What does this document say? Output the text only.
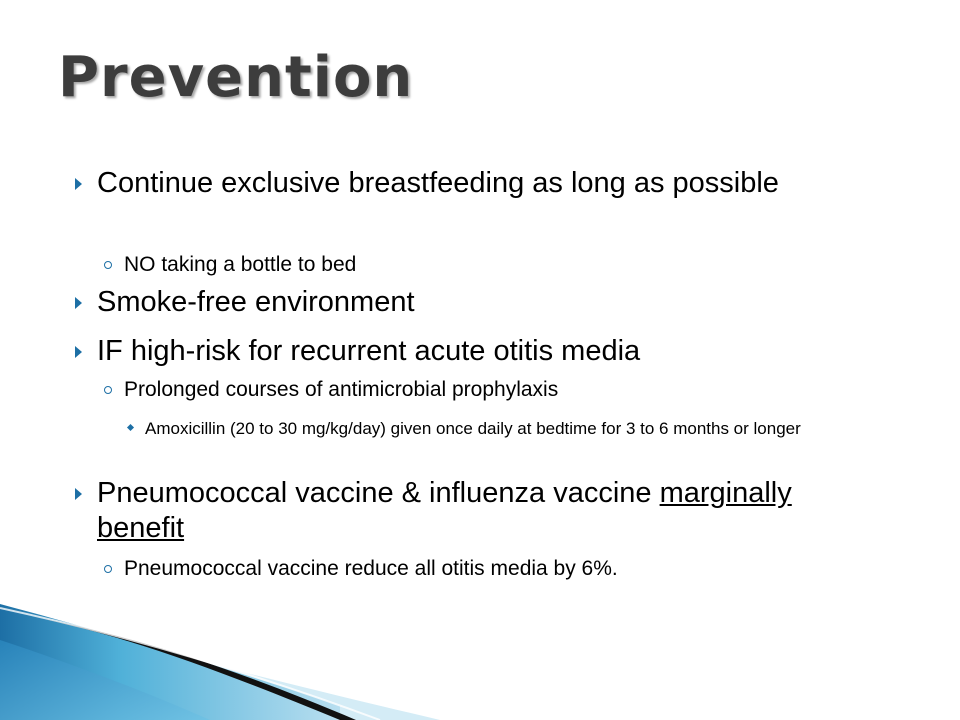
Prevention
Continue exclusive breastfeeding as long as possible
NO taking a bottle to bed
Smoke-free environment
IF high-risk for recurrent acute otitis media
Prolonged courses of antimicrobial prophylaxis
Amoxicillin (20 to 30 mg/kg/day) given once daily at bedtime for 3 to 6 months or longer
Pneumococcal vaccine & influenza vaccine marginally benefit
Pneumococcal vaccine reduce all otitis media by 6%.
